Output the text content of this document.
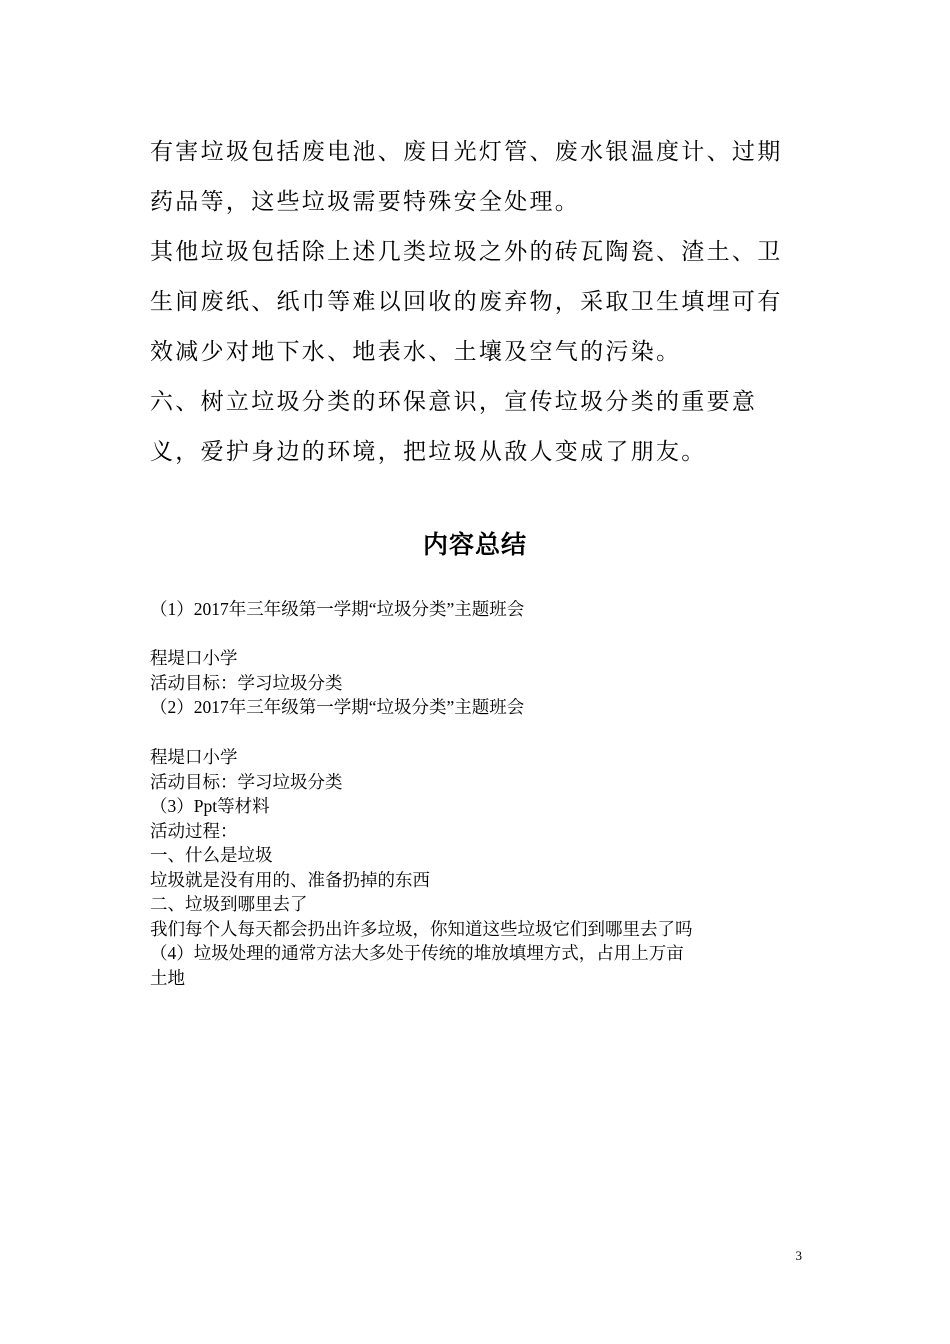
有害垃圾包括废电池、废日光灯管、废水银温度计、过期
药品等，这些垃圾需要特殊安全处理。

其他垃圾包括除上述几类垃圾之外的砖瓦陶瓷、渣土、卫
生间废纸、纸巾等难以回收的废弃物，采取卫生填埋可有
效减少对地下水、地表水、土壤及空气的污染。

六、树立垃圾分类的环保意识，宣传垃圾分类的重要意
义，爱护身边的环境，把垃圾从敌人变成了朋友。

内容总结
（1）2017年三年级第一学期“垃圾分类”主题班会
程堤口小学
活动目标：学习垃圾分类
（2）2017年三年级第一学期“垃圾分类”主题班会
程堤口小学
活动目标：学习垃圾分类
（3）Ppt等材料
活动过程：
一、什么是垃圾
垃圾就是没有用的、准备扔掉的东西
二、垃圾到哪里去了
我们每个人每天都会扔出许多垃圾，你知道这些垃圾它们到哪里去了吗
（4）垃圾处理的通常方法大多处于传统的堆放填埋方式，占用上万亩
土地
3
